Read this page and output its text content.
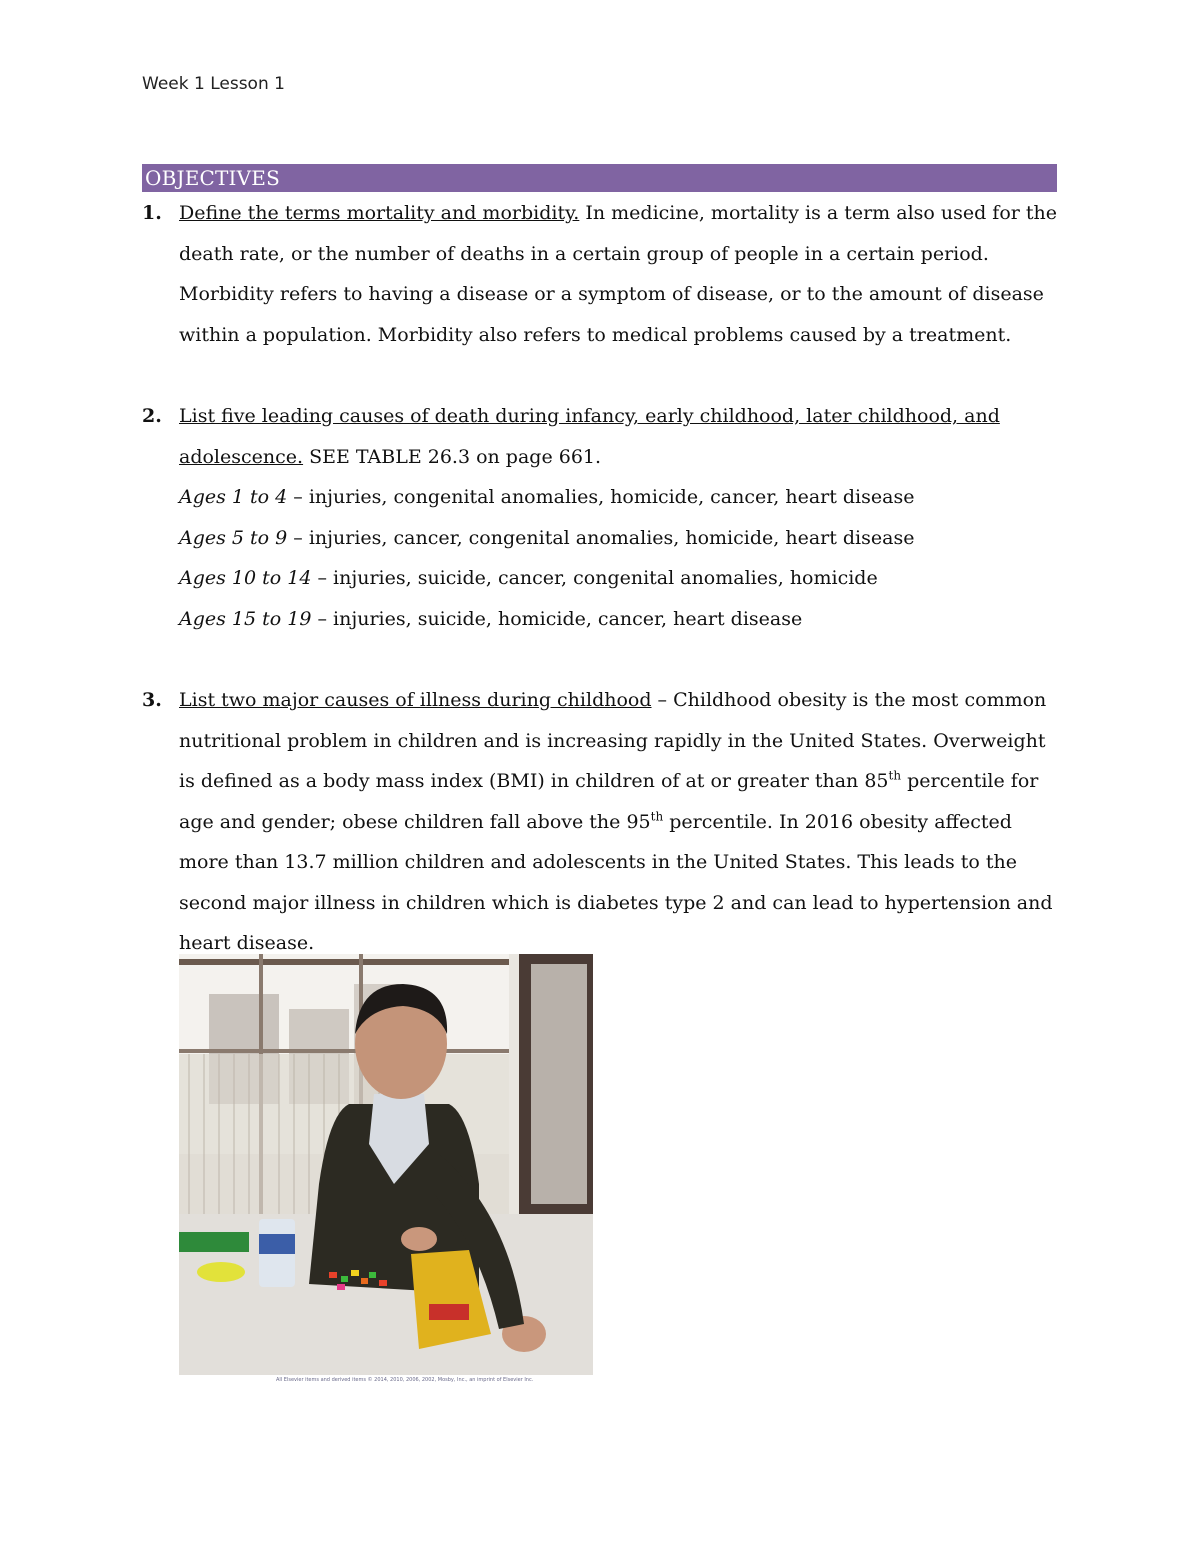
Week 1 Lesson 1
OBJECTIVES
1. Define the terms mortality and morbidity. In medicine, mortality is a term also used for the death rate, or the number of deaths in a certain group of people in a certain period. Morbidity refers to having a disease or a symptom of disease, or to the amount of disease within a population. Morbidity also refers to medical problems caused by a treatment.
2. List five leading causes of death during infancy, early childhood, later childhood, and adolescence. SEE TABLE 26.3 on page 661.
Ages 1 to 4 – injuries, congenital anomalies, homicide, cancer, heart disease
Ages 5 to 9 – injuries, cancer, congenital anomalies, homicide, heart disease
Ages 10 to 14 – injuries, suicide, cancer, congenital anomalies, homicide
Ages 15 to 19 – injuries, suicide, homicide, cancer, heart disease
3. List two major causes of illness during childhood – Childhood obesity is the most common nutritional problem in children and is increasing rapidly in the United States. Overweight is defined as a body mass index (BMI) in children of at or greater than 85th percentile for age and gender; obese children fall above the 95th percentile. In 2016 obesity affected more than 13.7 million children and adolescents in the United States. This leads to the second major illness in children which is diabetes type 2 and can lead to hypertension and heart disease.
All Elsevier items and derived items © 2014, 2010, 2006, 2002, Mosby, Inc., an imprint of Elsevier Inc.
